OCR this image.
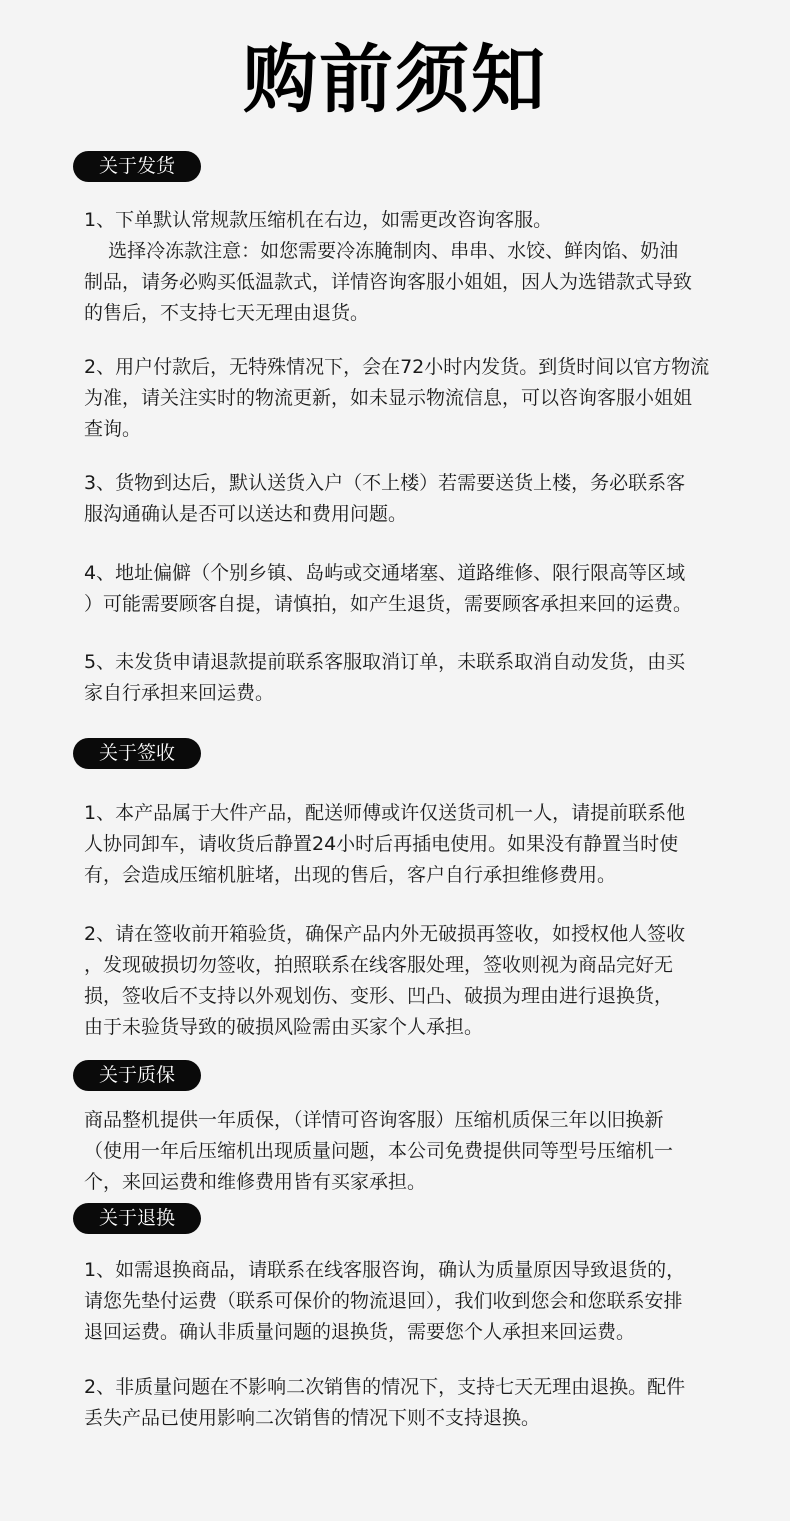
购前须知
关于发货

1、下单默认常规款压缩机在右边，如需更改咨询客服。
选择冷冻款注意：如您需要冷冻腌制肉、串串、水饺、鲜肉馅、奶油
制品，请务必购买低温款式，详情咨询客服小姐姐，因人为选错款式导致
的售后，不支持七天无理由退货。

2、用户付款后，无特殊情况下，会在72小时内发货。到货时间以官方物流
为准，请关注实时的物流更新，如未显示物流信息，可以咨询客服小姐姐
查询。

3、货物到达后，默认送货入户（不上楼）若需要送货上楼，务必联系客
服沟通确认是否可以送达和费用问题。

4、地址偏僻（个别乡镇、岛屿或交通堵塞、道路维修、限行限高等区域
）可能需要顾客自提，请慎拍，如产生退货，需要顾客承担来回的运费。

5、未发货申请退款提前联系客服取消订单，未联系取消自动发货，由买
家自行承担来回运费。

关于签收

1、本产品属于大件产品，配送师傅或许仅送货司机一人，请提前联系他
人协同卸车，请收货后静置24小时后再插电使用。如果没有静置当时使
有，会造成压缩机脏堵，出现的售后，客户自行承担维修费用。

2、请在签收前开箱验货，确保产品内外无破损再签收，如授权他人签收
，发现破损切勿签收，拍照联系在线客服处理，签收则视为商品完好无
损，签收后不支持以外观划伤、变形、凹凸、破损为理由进行退换货，
由于未验货导致的破损风险需由买家个人承担。

关于质保

商品整机提供一年质保，（详情可咨询客服）压缩机质保三年以旧换新
（使用一年后压缩机出现质量问题，本公司免费提供同等型号压缩机一
个，来回运费和维修费用皆有买家承担。

关于退换

1、如需退换商品，请联系在线客服咨询，确认为质量原因导致退货的，
请您先垫付运费（联系可保价的物流退回），我们收到您会和您联系安排
退回运费。确认非质量问题的退换货，需要您个人承担来回运费。

2、非质量问题在不影响二次销售的情况下，支持七天无理由退换。配件
丢失产品已使用影响二次销售的情况下则不支持退换。
